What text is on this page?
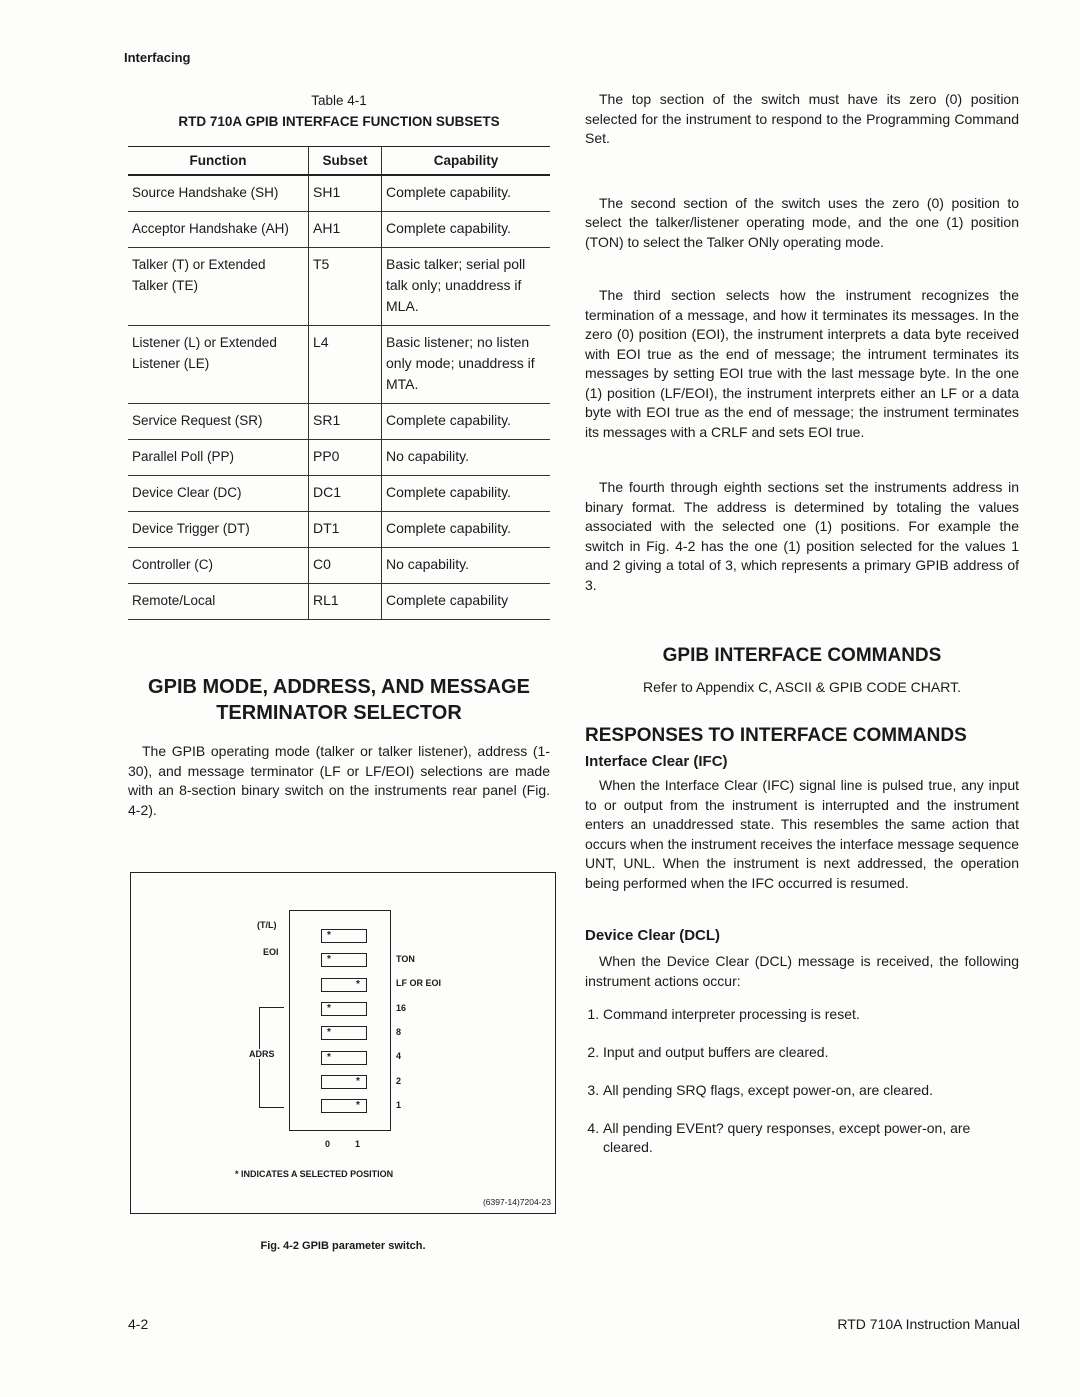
Interfacing
Table 4-1
RTD 710A GPIB INTERFACE FUNCTION SUBSETS
Function	Subset	Capability
Source Handshake (SH)	SH1	Complete capability.
Acceptor Handshake (AH)	AH1	Complete capability.
Talker (T) or Extended Talker (TE)	T5	Basic talker; serial poll talk only; unaddress if MLA.
Listener (L) or Extended Listener (LE)	L4	Basic listener; no listen only mode; unaddress if MTA.
Service Request (SR)	SR1	Complete capability.
Parallel Poll (PP)	PP0	No capability.
Device Clear (DC)	DC1	Complete capability.
Device Trigger (DT)	DT1	Complete capability.
Controller (C)	C0	No capability.
Remote/Local	RL1	Complete capability
GPIB MODE, ADDRESS, AND MESSAGE TERMINATOR SELECTOR
The GPIB operating mode (talker or talker listener), address (1-30), and message terminator (LF or LF/EOI) selections are made with an 8-section binary switch on the instruments rear panel (Fig. 4-2).
(T/L)
EOI
ADRS
0	1
* INDICATES A SELECTED POSITION
(6397-14)7204-23
*
*
*
*
*
*
*
*
TON
LF OR EOI
16
8
4
2
1
Fig. 4-2 GPIB parameter switch.
The top section of the switch must have its zero (0) position selected for the instrument to respond to the Programming Command Set.
The second section of the switch uses the zero (0) position to select the talker/listener operating mode, and the one (1) position (TON) to select the Talker ONly operating mode.
The third section selects how the instrument recognizes the termination of a message, and how it terminates its messages. In the zero (0) position (EOI), the instrument interprets a data byte received with EOI true as the end of message; the intrument terminates its messages by setting EOI true with the last message byte. In the one (1) position (LF/EOI), the instrument interprets either an LF or a data byte with EOI true as the end of message; the instrument terminates its messages with a CRLF and sets EOI true.
The fourth through eighth sections set the instruments address in binary format. The address is determined by totaling the values associated with the selected one (1) positions. For example the switch in Fig. 4-2 has the one (1) position selected for the values 1 and 2 giving a total of 3, which represents a primary GPIB address of 3.
GPIB INTERFACE COMMANDS
Refer to Appendix C, ASCII & GPIB CODE CHART.
RESPONSES TO INTERFACE COMMANDS
Interface Clear (IFC)
When the Interface Clear (IFC) signal line is pulsed true, any input to or output from the instrument is interrupted and the instrument enters an unaddressed state. This resembles the same action that occurs when the instrument receives the interface message sequence UNT, UNL. When the instrument is next addressed, the operation being performed when the IFC occurred is resumed.
Device Clear (DCL)
When the Device Clear (DCL) message is received, the following instrument actions occur:
1. Command interpreter processing is reset.
2. Input and output buffers are cleared.
3. All pending SRQ flags, except power-on, are cleared.
4. All pending EVEnt? query responses, except power-on, are cleared.
4-2	RTD 710A Instruction Manual
